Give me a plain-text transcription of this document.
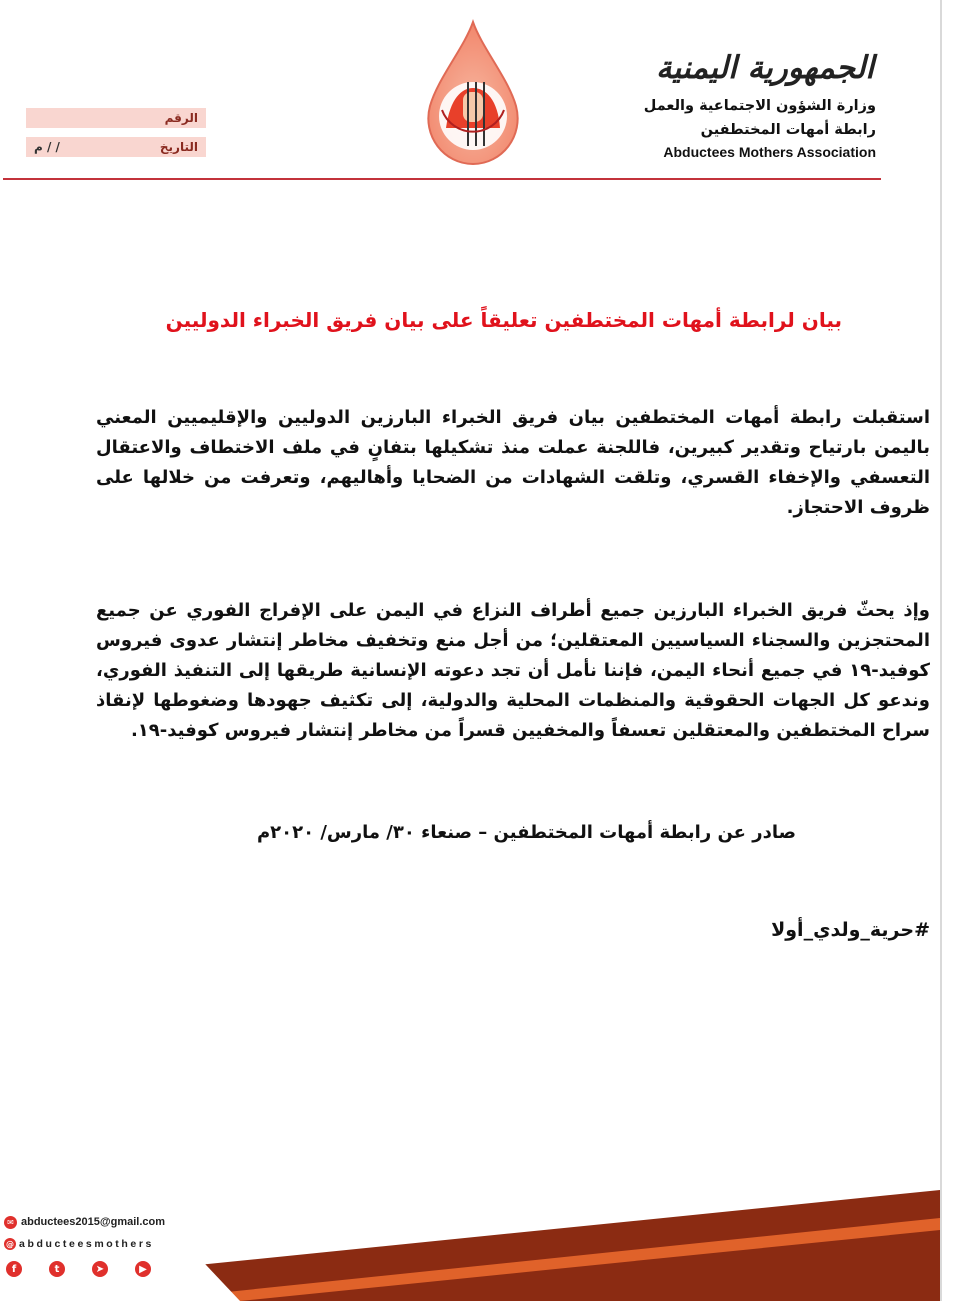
الجمهورية اليمنية
وزارة الشؤون الاجتماعية والعمل
رابطة أمهات المختطفين
Abductees Mothers Association
الرقم
التاريخ
/ / م
بيان لرابطة أمهات المختطفين تعليقاً على بيان فريق الخبراء الدوليين
استقبلت رابطة أمهات المختطفين بيان فريق الخبراء البارزين الدوليين والإقليميين المعني باليمن بارتياح وتقدير كبيرين، فاللجنة عملت منذ تشكيلها بتفانٍ في ملف الاختطاف والاعتقال التعسفي والإخفاء القسري، وتلقت الشهادات من الضحايا وأهاليهم، وتعرفت من خلالها على ظروف الاحتجاز.
وإذ يحثّ فريق الخبراء البارزين جميع أطراف النزاع في اليمن على الإفراج الفوري عن جميع المحتجزين والسجناء السياسيين المعتقلين؛ من أجل منع وتخفيف مخاطر إنتشار عدوى فيروس كوفيد-١٩ في جميع أنحاء اليمن، فإننا نأمل أن تجد دعوته الإنسانية طريقها إلى التنفيذ الفوري، وندعو كل الجهات الحقوقية والمنظمات المحلية والدولية، إلى تكثيف جهودها وضغوطها لإنقاذ سراح المختطفين والمعتقلين تعسفاً والمخفيين قسراً من مخاطر إنتشار فيروس كوفيد-١٩.
صادر عن رابطة أمهات المختطفين – صنعاء ٣٠/ مارس/ ٢٠٢٠م
#حرية_ولدي_أولا
✉ abductees2015@gmail.com
@ abducteesmothers
f	t	➤	▶
